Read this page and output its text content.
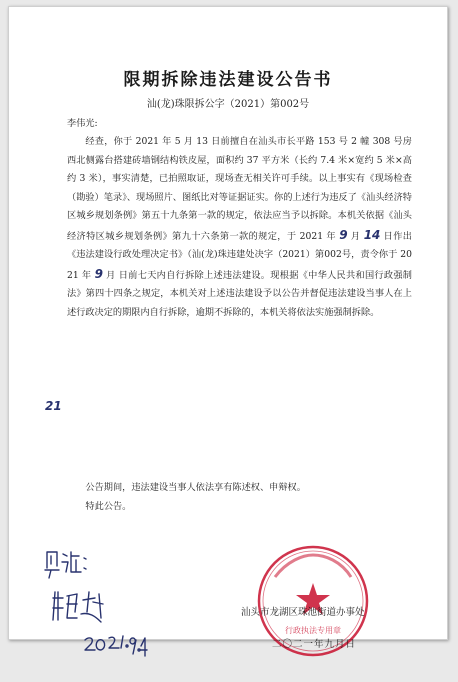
限期拆除违法建设公告书
汕(龙)珠限拆公字（2021）第002号
李伟光:
经查，你于 2021 年 5 月 13 日前擅自在汕头市长平路 153 号 2 幢 308 号房西北侧露台搭建砖墙钢结构铁皮屋，面积约 37 平方米（长约 7.4 米×宽约 5 米×高约 3 米），事实清楚，已拍照取证，现场查无相关许可手续。以上事实有《现场检查（勘验）笔录》、现场照片、图纸比对等证据证实。你的上述行为违反了《汕头经济特区城乡规划条例》第五十九条第一款的规定，依法应当予以拆除。本机关依据《汕头经济特区城乡规划条例》第九十六条第一款的规定，于 2021 年 9 月 14 日作出《违法建设行政处理决定书》（汕(龙)珠违建处决字（2021）第002号，责令你于 2021 年 9 月 日前七天内自行拆除上述违法建设。现根据《中华人民共和国行政强制法》第四十四条之规定，本机关对上述违法建设予以公告并督促违法建设当事人在上述行政决定的期限内自行拆除，逾期不拆除的，本机关将依法实施强制拆除。
21
公告期间，违法建设当事人依法享有陈述权、申辩权。
特此公告。
行政执法专用章
汕头市龙湖区珠池街道办事处
二〇二一年九月日
